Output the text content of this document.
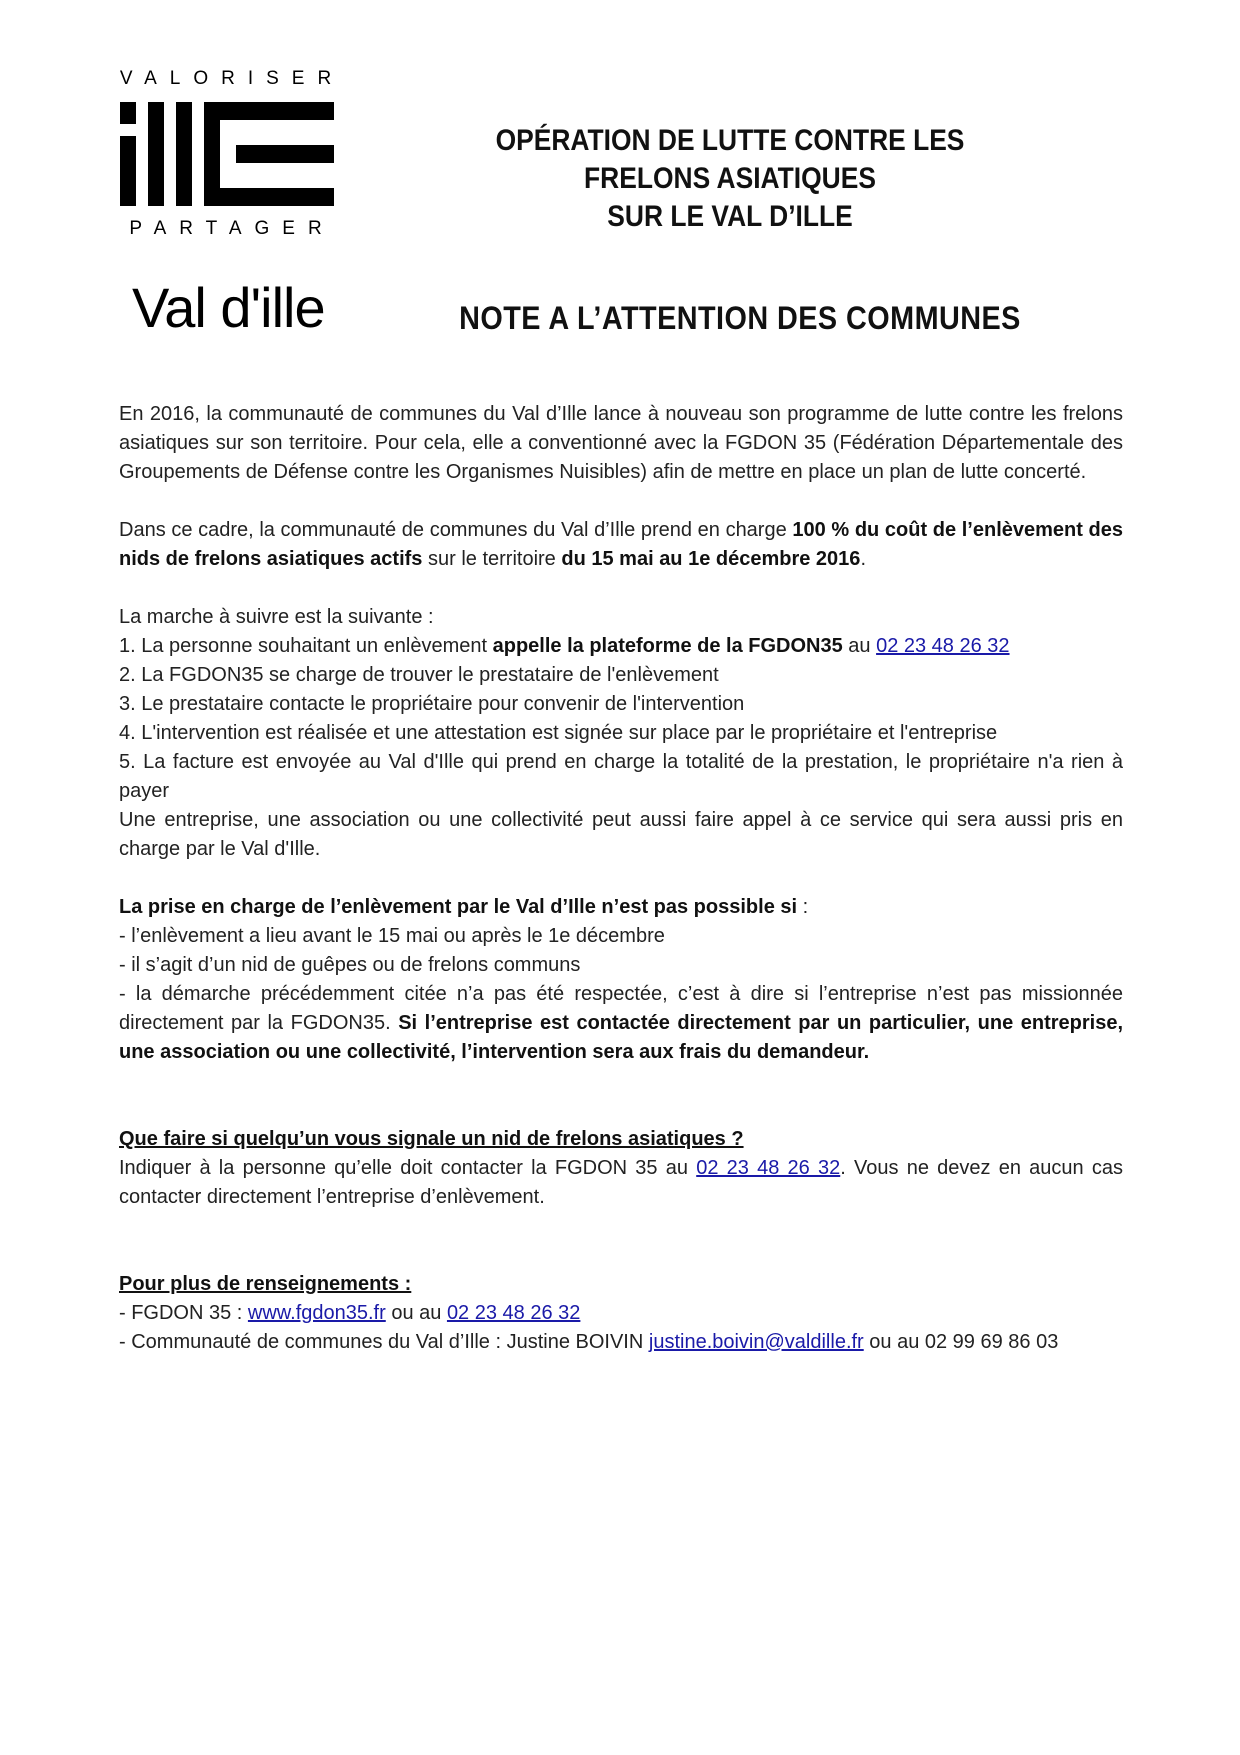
VALORISER
PARTAGER
Val d'ille
OPÉRATION DE LUTTE CONTRE LES
FRELONS ASIATIQUES
SUR LE VAL D’ILLE
NOTE A L’ATTENTION DES COMMUNES

En 2016, la communauté de communes du Val d’Ille lance à nouveau son programme de lutte contre les frelons asiatiques sur son territoire. Pour cela, elle a conventionné avec la FGDON 35 (Fédération Départementale des Groupements de Défense contre les Organismes Nuisibles) afin de mettre en place un plan de lutte concerté.

Dans ce cadre, la communauté de communes du Val d’Ille prend en charge 100 % du coût de l’enlèvement des nids de frelons asiatiques actifs sur le territoire du 15 mai au 1e décembre 2016.

La marche à suivre est la suivante :
1. La personne souhaitant un enlèvement appelle la plateforme de la FGDON35 au 02 23 48 26 32
2. La FGDON35 se charge de trouver le prestataire de l'enlèvement
3. Le prestataire contacte le propriétaire pour convenir de l'intervention
4. L'intervention est réalisée et une attestation est signée sur place par le propriétaire et l'entreprise
5. La facture est envoyée au Val d'Ille qui prend en charge la totalité de la prestation, le propriétaire n'a rien à payer
Une entreprise, une association ou une collectivité peut aussi faire appel à ce service qui sera aussi pris en charge par le Val d'Ille.
La prise en charge de l’enlèvement par le Val d’Ille n’est pas possible si :
- l’enlèvement a lieu avant le 15 mai ou après le 1e décembre
- il s’agit d’un nid de guêpes ou de frelons communs
- la démarche précédemment citée n’a pas été respectée, c’est à dire si l’entreprise n’est pas missionnée directement par la FGDON35. Si l’entreprise est contactée directement par un particulier, une entreprise, une association ou une collectivité, l’intervention sera aux frais du demandeur.
Que faire si quelqu’un vous signale un nid de frelons asiatiques ?
Indiquer à la personne qu’elle doit contacter la FGDON 35 au 02 23 48 26 32. Vous ne devez en aucun cas contacter directement l’entreprise d’enlèvement.
Pour plus de renseignements :
- FGDON 35 : www.fgdon35.fr ou au 02 23 48 26 32
- Communauté de communes du Val d’Ille : Justine BOIVIN justine.boivin@valdille.fr ou au 02 99 69 86 03
